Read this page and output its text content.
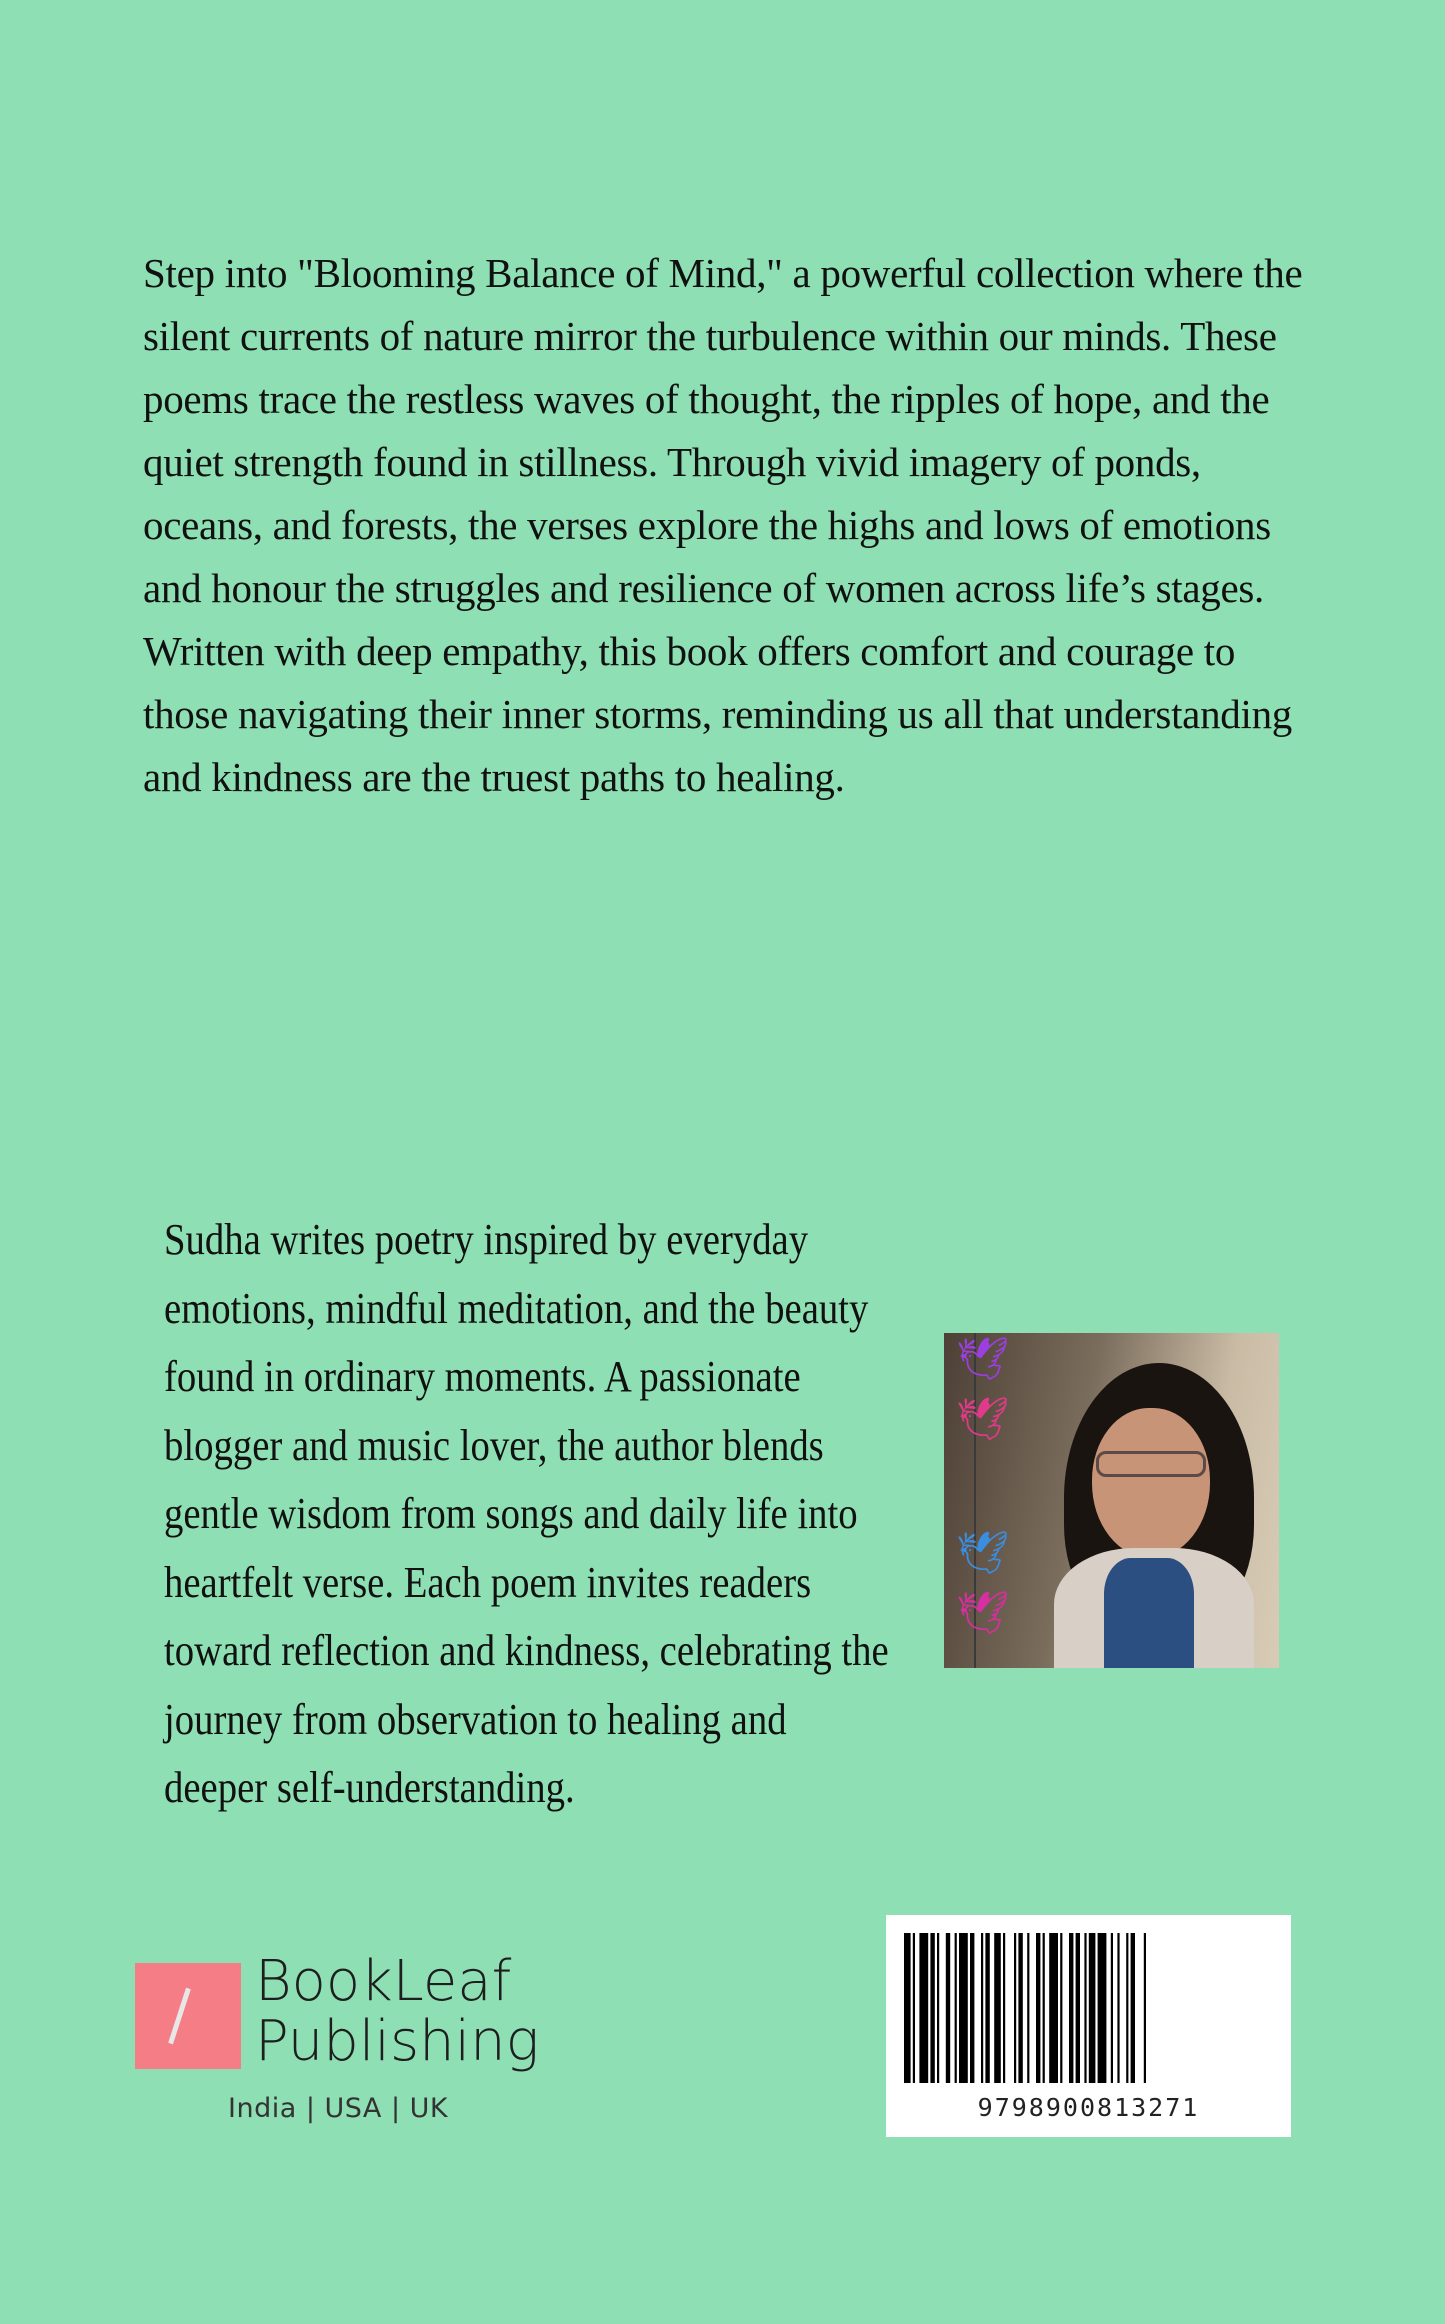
Step into "Blooming Balance of Mind," a powerful collection where the silent currents of nature mirror the turbulence within our minds. These poems trace the restless waves of thought, the ripples of hope, and the quiet strength found in stillness. Through vivid imagery of ponds, oceans, and forests, the verses explore the highs and lows of emotions and honour the struggles and resilience of women across life’s stages. Written with deep empathy, this book offers comfort and courage to those navigating their inner storms, reminding us all that understanding and kindness are the truest paths to healing.

Sudha writes poetry inspired by everyday emotions, mindful meditation, and the beauty found in ordinary moments. A passionate blogger and music lover, the author blends gentle wisdom from songs and daily life into heartfelt verse. Each poem invites readers toward reflection and kindness, celebrating the journey from observation to healing and deeper self-understanding.

🕊
🕊
🕊
🕊
BookLeaf
Publishing
India | USA | UK	9798900813271
